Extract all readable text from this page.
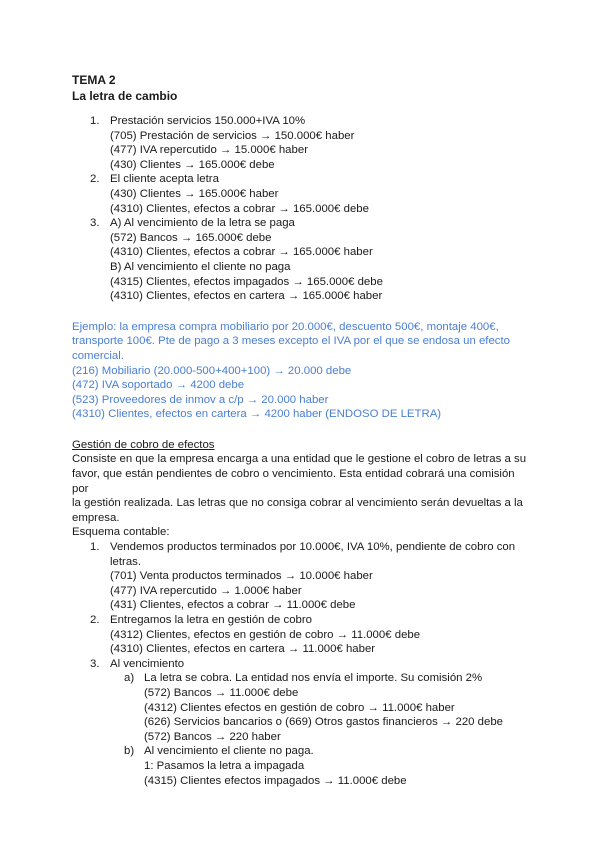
TEMA 2
La letra de cambio
1. Prestación servicios 150.000+IVA 10%
(705) Prestación de servicios → 150.000€ haber
(477) IVA repercutido → 15.000€ haber
(430) Clientes → 165.000€ debe
2. El cliente acepta letra
(430) Clientes → 165.000€ haber
(4310) Clientes, efectos a cobrar → 165.000€ debe
3. A) Al vencimiento de la letra se paga
(572) Bancos → 165.000€ debe
(4310) Clientes, efectos a cobrar → 165.000€ haber
B) Al vencimiento el cliente no paga
(4315) Clientes, efectos impagados → 165.000€ debe
(4310) Clientes, efectos en cartera → 165.000€ haber
Ejemplo: la empresa compra mobiliario por 20.000€, descuento 500€, montaje 400€,
transporte 100€. Pte de pago a 3 meses excepto el IVA por el que se endosa un efecto
comercial.
(216) Mobiliario (20.000-500+400+100) → 20.000 debe
(472) IVA soportado → 4200 debe
(523) Proveedores de inmov a c/p → 20.000 haber
(4310) Clientes, efectos en cartera → 4200 haber (ENDOSO DE LETRA)
Gestión de cobro de efectos
Consiste en que la empresa encarga a una entidad que le gestione el cobro de letras a su
favor, que están pendientes de cobro o vencimiento. Esta entidad cobrará una comisión por
la gestión realizada. Las letras que no consiga cobrar al vencimiento serán devueltas a la
empresa.
Esquema contable:
1. Vendemos productos terminados por 10.000€, IVA 10%, pendiente de cobro con
letras.
(701) Venta productos terminados → 10.000€ haber
(477) IVA repercutido → 1.000€ haber
(431) Clientes, efectos a cobrar → 11.000€ debe
2. Entregamos la letra en gestión de cobro
(4312) Clientes, efectos en gestión de cobro → 11.000€ debe
(4310) Clientes, efectos en cartera → 11.000€ haber
3. Al vencimiento
a) La letra se cobra. La entidad nos envía el importe. Su comisión 2%
(572) Bancos → 11.000€ debe
(4312) Clientes efectos en gestión de cobro → 11.000€ haber
(626) Servicios bancarios o (669) Otros gastos financieros → 220 debe
(572) Bancos → 220 haber
b) Al vencimiento el cliente no paga.
1: Pasamos la letra a impagada
(4315) Clientes efectos impagados → 11.000€ debe
